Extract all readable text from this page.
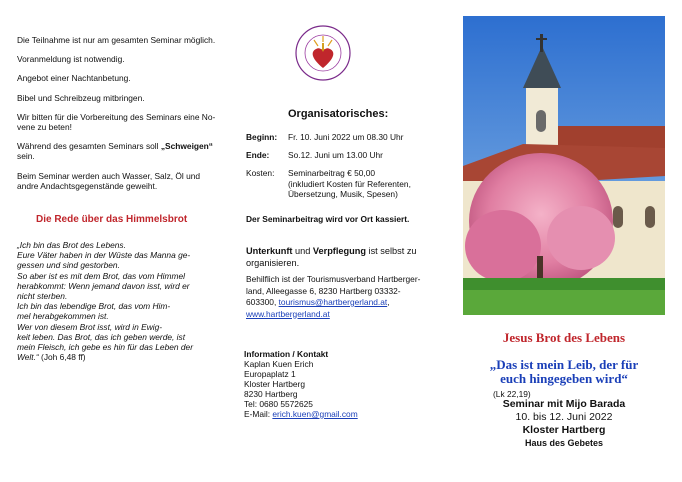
Die Teilnahme ist nur am gesamten Seminar möglich.

Voranmeldung ist notwendig.

Angebot einer Nachtanbetung.

Bibel und Schreibzeug mitbringen.

Wir bitten für die Vorbereitung des Seminars eine No-
vene zu beten!

Während des gesamten Seminars soll „Schweigen“
sein.

Beim Seminar werden auch Wasser, Salz, Öl und
andre Andachtsgegenstände geweiht.

Die Rede über das Himmelsbrot
„Ich bin das Brot des Lebens.
Eure Väter haben in der Wüste das Manna ge-
gessen und sind gestorben.
So aber ist es mit dem Brot, das vom Himmel
herabkommt: Wenn jemand davon isst, wird er
nicht sterben.
Ich bin das lebendige Brot, das vom Him-
mel herabgekommen ist.
Wer von diesem Brot isst, wird in Ewig-
keit leben. Das Brot, das ich geben werde, ist
mein Fleisch, ich gebe es hin für das Leben der
Welt.“ (Joh 6,48 ff)
Organisatorisches:
Beginn:	Fr. 10. Juni 2022 um 08.30 Uhr
Ende:	So.12. Juni um 13.00 Uhr
Kosten:	Seminarbeitrag € 50,00
(inkludiert Kosten für Referenten,
Übersetzung, Musik, Spesen)
Der Seminarbeitrag wird vor Ort kassiert.
Unterkunft und Verpflegung ist selbst zu
organisieren.
Behilflich ist der Tourismusverband Hartberger-
land, Alleegasse 6, 8230 Hartberg 03332-
603300, tourismus@hartbergerland.at,
www.hartbergerland.at
Information / Kontakt
Kaplan Kuen Erich
Europaplatz 1
Kloster Hartberg
8230 Hartberg
Tel: 0680 5572625
E-Mail: erich.kuen@gmail.com
Jesus Brot des Lebens
„Das ist mein Leib, der für
euch hingegeben wird“
(Lk 22,19)
Seminar mit Mijo Barada
10. bis 12. Juni 2022
Kloster Hartberg
Haus des Gebetes
